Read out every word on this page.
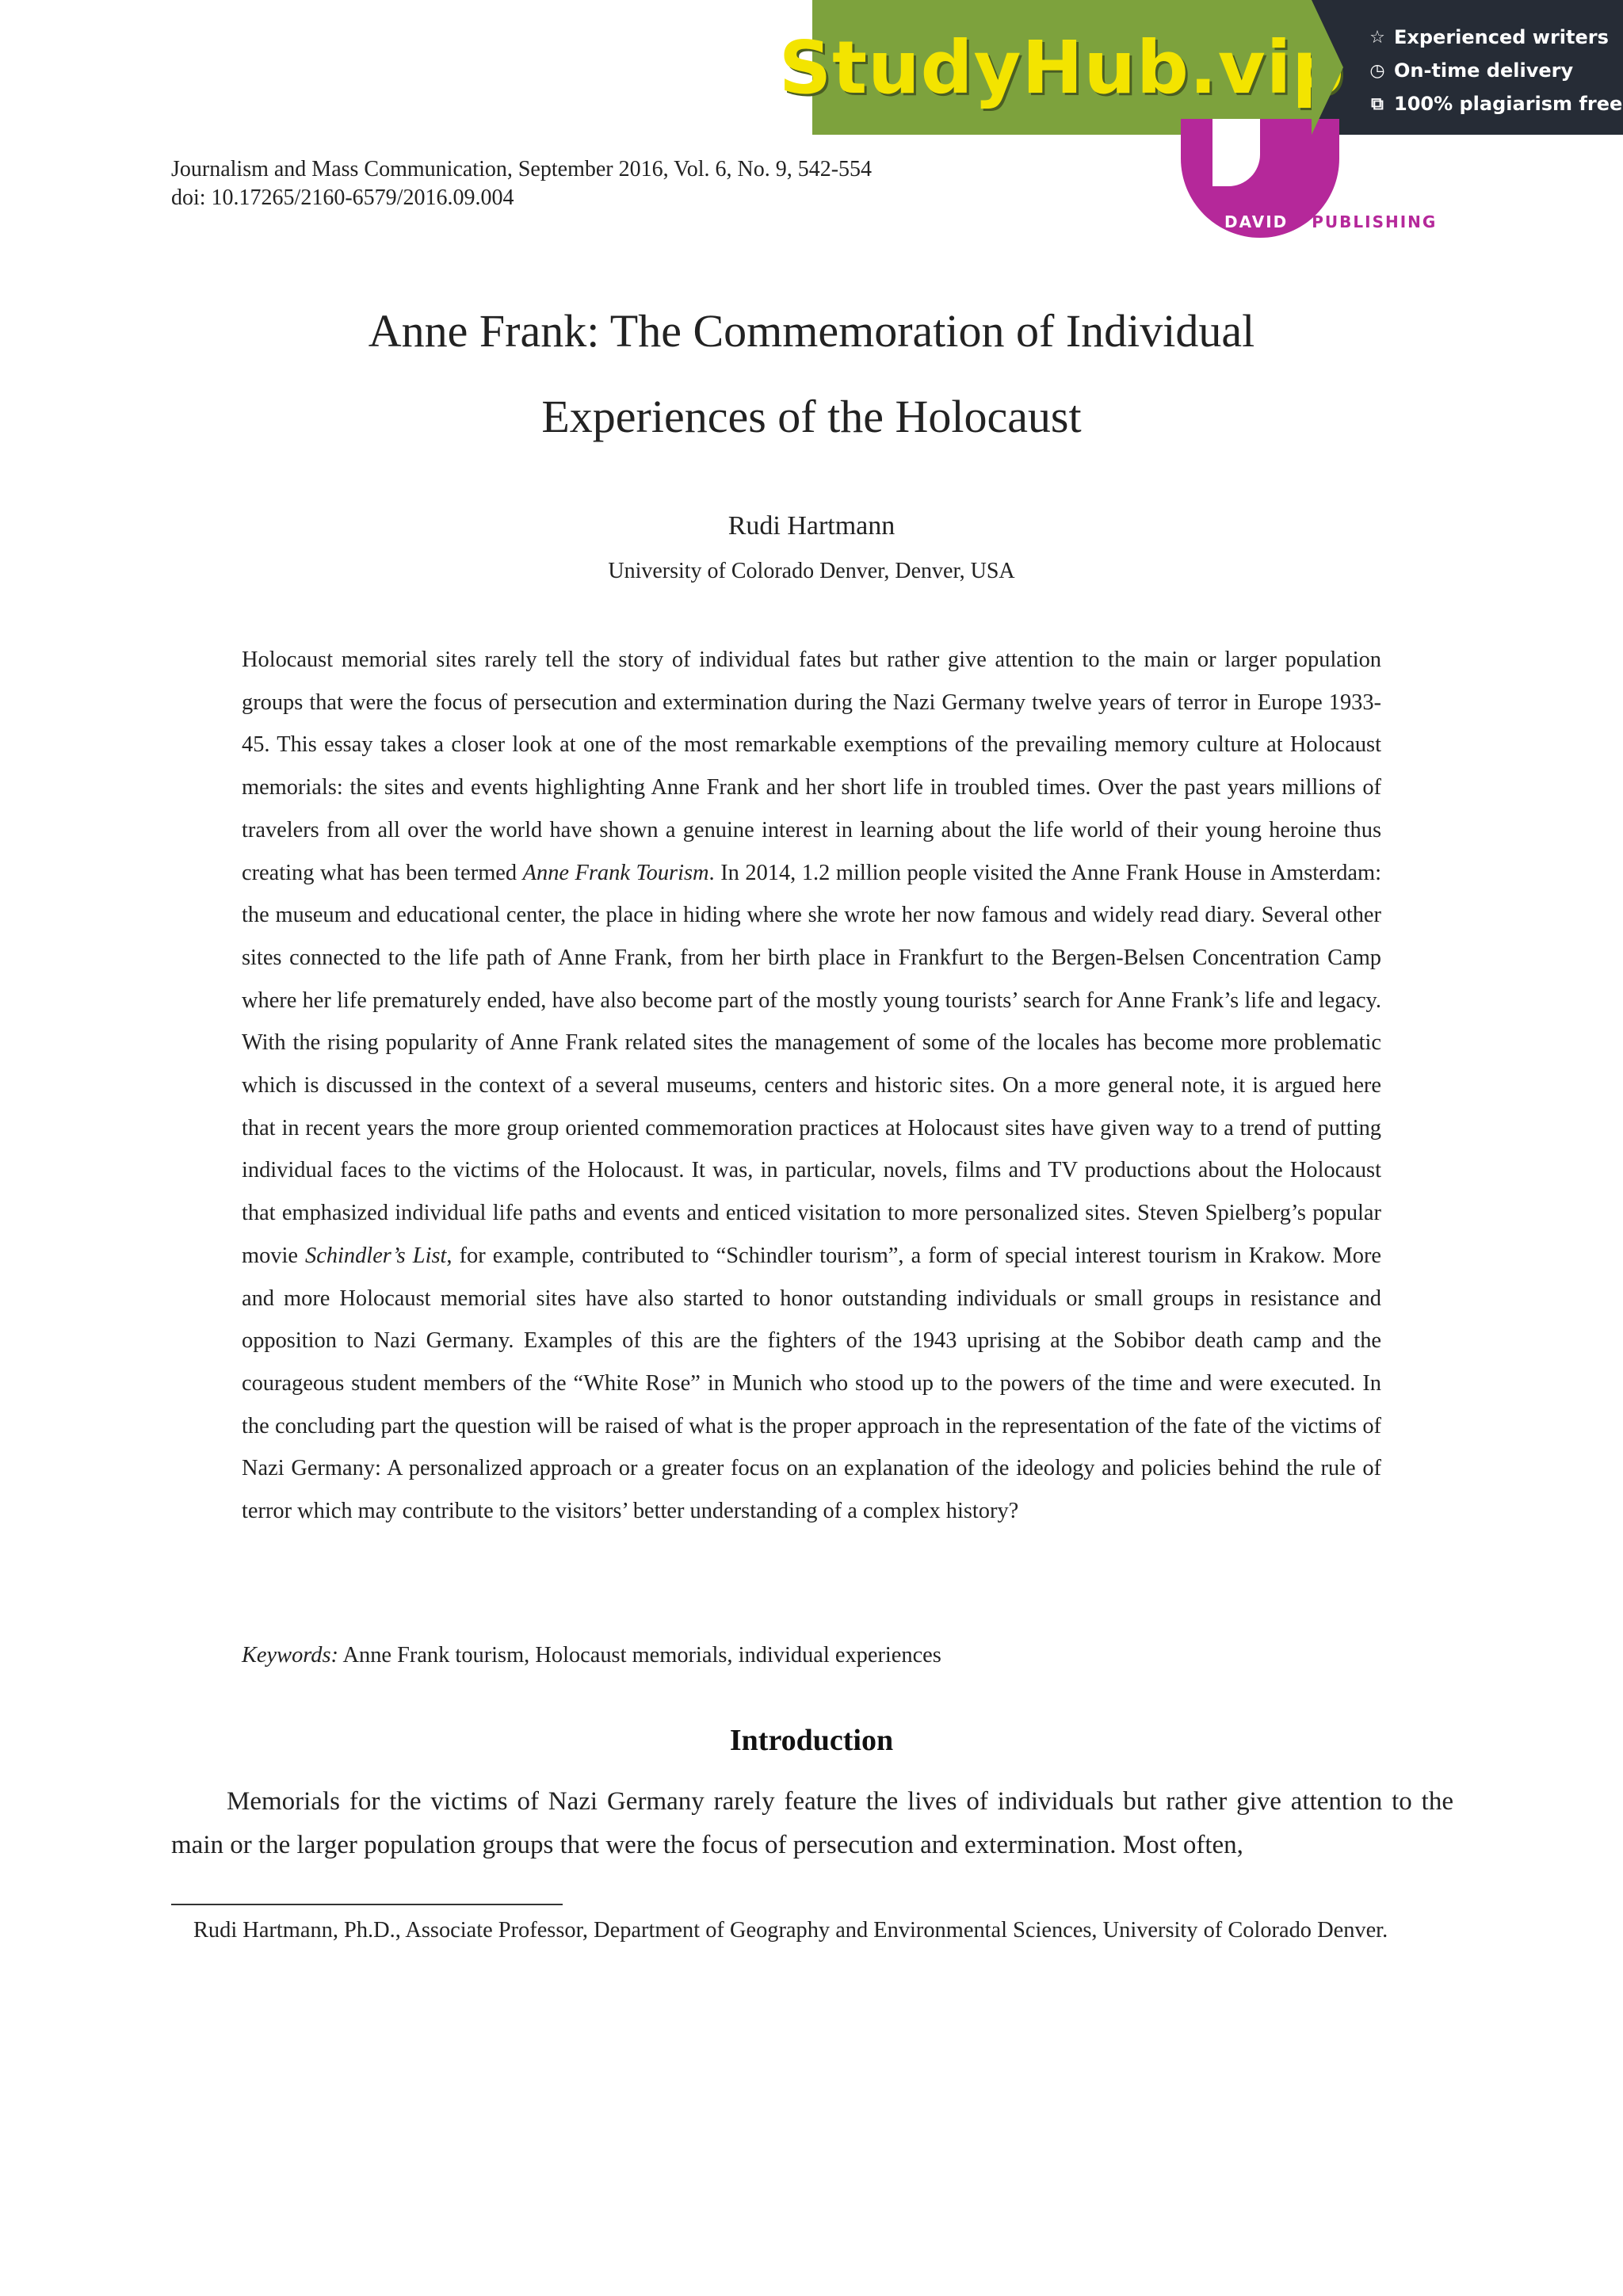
StudyHub.vip ☆ Experienced writers
◷ On-time delivery
⧉ 100% plagiarism free
DAVID PUBLISHING
Journalism and Mass Communication, September 2016, Vol. 6, No. 9, 542-554
doi: 10.17265/2160-6579/2016.09.004
Anne Frank: The Commemoration of Individual
Experiences of the Holocaust
Rudi Hartmann
University of Colorado Denver, Denver, USA
Holocaust memorial sites rarely tell the story of individual fates but rather give attention to the main or larger population groups that were the focus of persecution and extermination during the Nazi Germany twelve years of terror in Europe 1933-45. This essay takes a closer look at one of the most remarkable exemptions of the prevailing memory culture at Holocaust memorials: the sites and events highlighting Anne Frank and her short life in troubled times. Over the past years millions of travelers from all over the world have shown a genuine interest in learning about the life world of their young heroine thus creating what has been termed Anne Frank Tourism. In 2014, 1.2 million people visited the Anne Frank House in Amsterdam: the museum and educational center, the place in hiding where she wrote her now famous and widely read diary. Several other sites connected to the life path of Anne Frank, from her birth place in Frankfurt to the Bergen-Belsen Concentration Camp where her life prematurely ended, have also become part of the mostly young tourists’ search for Anne Frank’s life and legacy. With the rising popularity of Anne Frank related sites the management of some of the locales has become more problematic which is discussed in the context of a several museums, centers and historic sites. On a more general note, it is argued here that in recent years the more group oriented commemoration practices at Holocaust sites have given way to a trend of putting individual faces to the victims of the Holocaust. It was, in particular, novels, films and TV productions about the Holocaust that emphasized individual life paths and events and enticed visitation to more personalized sites. Steven Spielberg’s popular movie Schindler’s List, for example, contributed to “Schindler tourism”, a form of special interest tourism in Krakow. More and more Holocaust memorial sites have also started to honor outstanding individuals or small groups in resistance and opposition to Nazi Germany. Examples of this are the fighters of the 1943 uprising at the Sobibor death camp and the courageous student members of the “White Rose” in Munich who stood up to the powers of the time and were executed. In the concluding part the question will be raised of what is the proper approach in the representation of the fate of the victims of Nazi Germany: A personalized approach or a greater focus on an explanation of the ideology and policies behind the rule of terror which may contribute to the visitors’ better understanding of a complex history?
Keywords: Anne Frank tourism, Holocaust memorials, individual experiences
Introduction
Memorials for the victims of Nazi Germany rarely feature the lives of individuals but rather give attention to the main or the larger population groups that were the focus of persecution and extermination. Most often,
Rudi Hartmann, Ph.D., Associate Professor, Department of Geography and Environmental Sciences, University of Colorado Denver.
